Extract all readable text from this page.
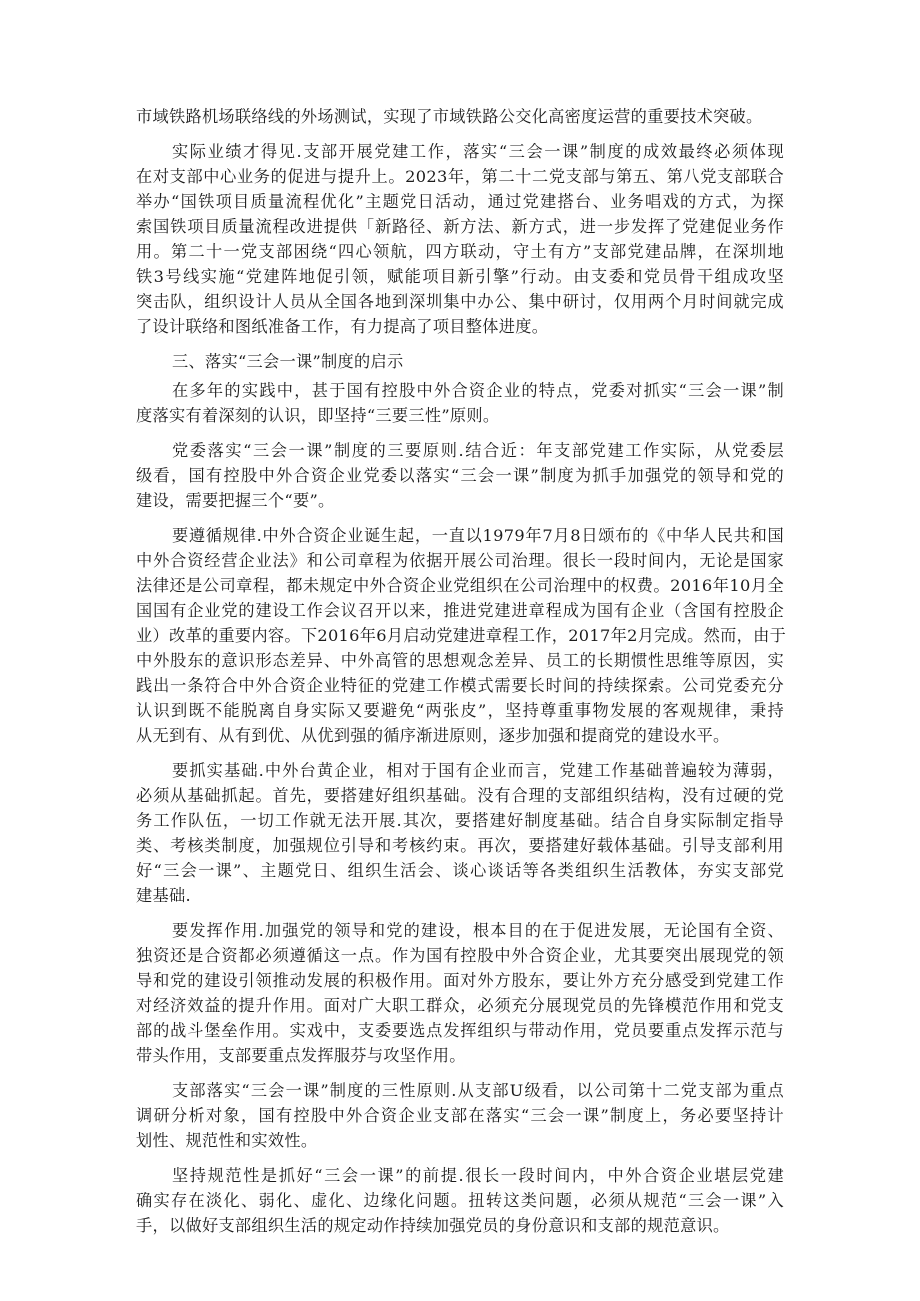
市域铁路机场联络线的外场测试，实现了市域铁路公交化高密度运营的重要技术突破。
实际业绩才得见.支部开展党建工作，落实“三会一课”制度的成效最终必须体现
在对支部中心业务的促进与提升上。2023年，第二十二党支部与第五、第八党支部联合
举办“国铁项目质量流程优化”主题党日活动，通过党建搭台、业务唱戏的方式，为探
索国铁项目质量流程改进提供「新路径、新方法、新方式，进一步发挥了党建促业务作
用。第二十一党支部困绕“四心领航，四方联动，守土有方”支部党建品牌，在深圳地
铁3号线实施“党建阵地促引领，赋能项目新引擎”行动。由支委和党员骨干组成攻坚
突击队，组织设计人员从全国各地到深圳集中办公、集中研讨，仅用两个月时间就完成
了设计联络和图纸准备工作，有力提高了项目整体进度。
三、落实“三会一课”制度的启示
在多年的实践中，甚于国有控股中外合资企业的特点，党委对抓实“三会一课”制
度落实有着深刻的认识，即坚持“三要三性”原则。
党委落实“三会一课”制度的三要原则.结合近：年支部党建工作实际，从党委层
级看，国有控股中外合资企业党委以落实“三会一课”制度为抓手加强党的领导和党的
建设，需要把握三个“要”。
要遵循规律.中外合资企业诞生起，一直以1979年7月8日颂布的《中华人民共和国
中外合资经营企业法》和公司章程为依据开展公司治理。很长一段时间内，无论是国家
法律还是公司章程，都未规定中外合资企业党组织在公司治理中的权费。2016年10月全
国国有企业党的建设工作会议召开以来，推进党建进章程成为国有企业（含国有控股企
业）改革的重要内容。下2016年6月启动党建进章程工作，2017年2月完成。然而，由于
中外股东的意识形态差异、中外高管的思想观念差异、员工的长期惯性思维等原因，实
践出一条符合中外合资企业特征的党建工作模式需要长时间的持续探索。公司党委充分
认识到既不能脱离自身实际又要避免“两张皮”，坚持尊重事物发展的客观规律，秉持
从无到有、从有到优、从优到强的循序渐进原则，逐步加强和提商党的建设水平。
要抓实基础.中外台黄企业，相对于国有企业而言，党建工作基础普遍较为薄弱，
必须从基础抓起。首先，要搭建好组织基础。没有合理的支部组织结构，没有过硬的党
务工作队伍，一切工作就无法开展.其次，要搭建好制度基础。结合自身实际制定指导
类、考核类制度，加强规位引导和考核约束。再次，要搭建好载体基础。引导支部利用
好“三会一课”、主题党日、组织生活会、谈心谈话等各类组织生活教体，夯实支部党
建基础.
要发挥作用.加强党的领导和党的建设，根本目的在于促进发展，无论国有全资、
独资还是合资都必须遵循这一点。作为国有控股中外合资企业，尤其要突出展现党的领
导和党的建设引领推动发展的积极作用。面对外方股东，要让外方充分感受到党建工作
对经济效益的提升作用。面对广大职工群众，必须充分展现党员的先锋模范作用和党支
部的战斗堡垒作用。实戏中，支委要选点发挥组织与带动作用，党员要重点发挥示范与
带头作用，支部要重点发挥服芬与攻坚作用。
支部落实“三会一课”制度的三性原则.从支部U级看，以公司第十二党支部为重点
调研分析对象，国有控股中外合资企业支部在落实“三会一课”制度上，务必要坚持计
划性、规范性和实效性。
坚持规范性是抓好“三会一课”的前提.很长一段时间内，中外合资企业堪层党建
确实存在淡化、弱化、虚化、边缘化问题。扭转这类问题，必须从规范“三会一课”入
手，以做好支部组织生活的规定动作持续加强党员的身份意识和支部的规范意识。
